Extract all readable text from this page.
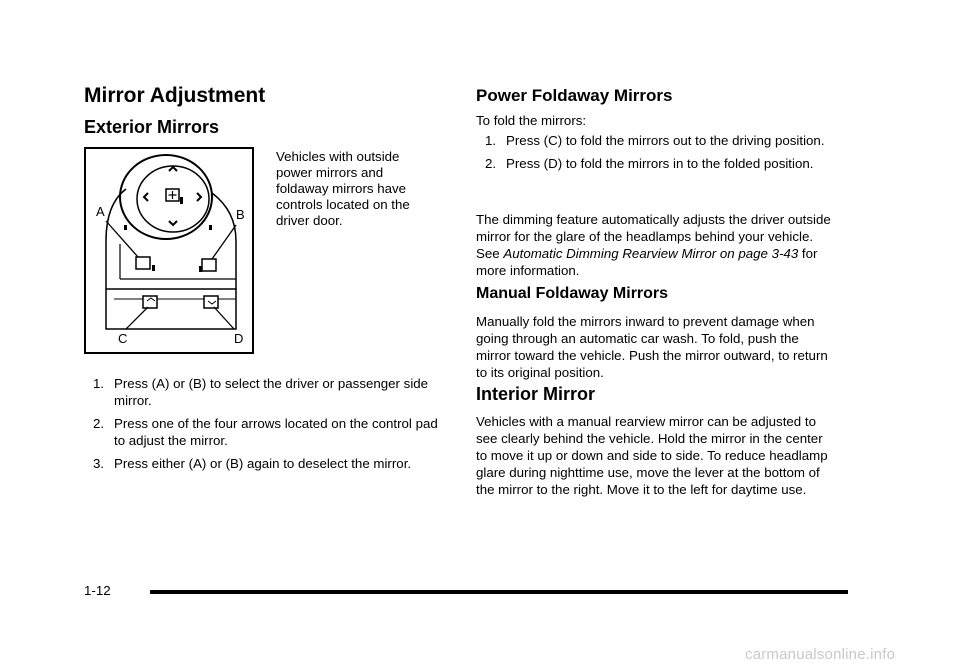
Mirror Adjustment
Exterior Mirrors
A	B
C	D
Vehicles with outside power mirrors and foldaway mirrors have controls located on the driver door.
1. Press (A) or (B) to select the driver or passenger side mirror.
2. Press one of the four arrows located on the control pad to adjust the mirror.
3. Press either (A) or (B) again to deselect the mirror.
Power Foldaway Mirrors

To fold the mirrors:

1. Press (C) to fold the mirrors out to the driving position.
2. Press (D) to fold the mirrors in to the folded position.

The dimming feature automatically adjusts the driver outside mirror for the glare of the headlamps behind your vehicle. See Automatic Dimming Rearview Mirror on page 3-43 for more information.

Manual Foldaway Mirrors

Manually fold the mirrors inward to prevent damage when going through an automatic car wash. To fold, push the mirror toward the vehicle. Push the mirror outward, to return to its original position.

Interior Mirror

Vehicles with a manual rearview mirror can be adjusted to see clearly behind the vehicle. Hold the mirror in the center to move it up or down and side to side. To reduce headlamp glare during nighttime use, move the lever at the bottom of the mirror to the right. Move it to the left for daytime use.

1-12
carmanualsonline.info
